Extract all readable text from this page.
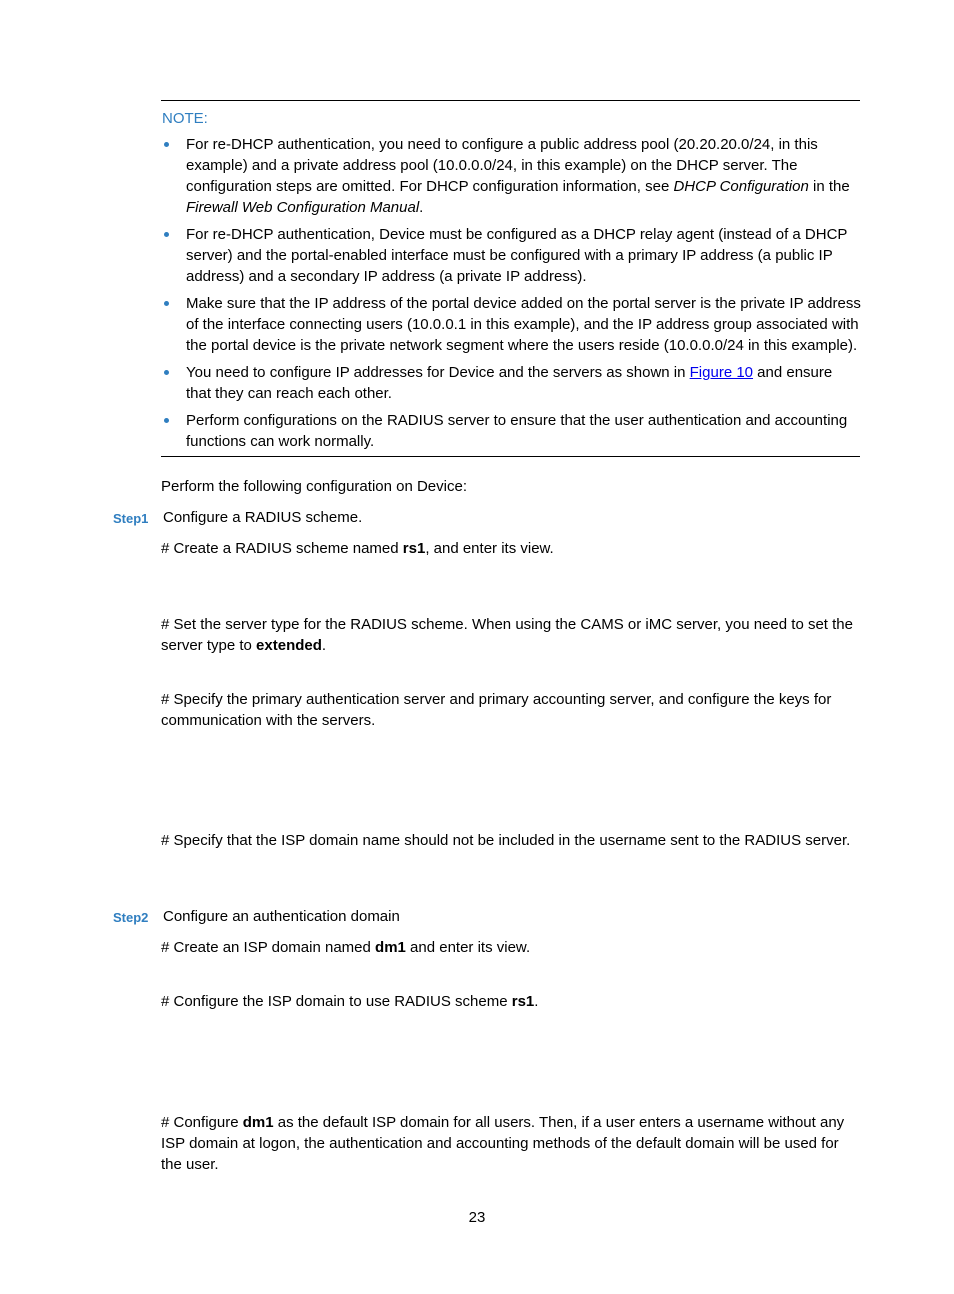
NOTE:
For re-DHCP authentication, you need to configure a public address pool (20.20.20.0/24, in this example) and a private address pool (10.0.0.0/24, in this example) on the DHCP server. The configuration steps are omitted. For DHCP configuration information, see DHCP Configuration in the Firewall Web Configuration Manual.
For re-DHCP authentication, Device must be configured as a DHCP relay agent (instead of a DHCP server) and the portal-enabled interface must be configured with a primary IP address (a public IP address) and a secondary IP address (a private IP address).
Make sure that the IP address of the portal device added on the portal server is the private IP address of the interface connecting users (10.0.0.1 in this example), and the IP address group associated with the portal device is the private network segment where the users reside (10.0.0.0/24 in this example).
You need to configure IP addresses for Device and the servers as shown in Figure 10 and ensure that they can reach each other.
Perform configurations on the RADIUS server to ensure that the user authentication and accounting functions can work normally.
Perform the following configuration on Device:
Step1 Configure a RADIUS scheme.
# Create a RADIUS scheme named rs1, and enter its view.
# Set the server type for the RADIUS scheme. When using the CAMS or iMC server, you need to set the server type to extended.
# Specify the primary authentication server and primary accounting server, and configure the keys for communication with the servers.
# Specify that the ISP domain name should not be included in the username sent to the RADIUS server.
Step2 Configure an authentication domain
# Create an ISP domain named dm1 and enter its view.
# Configure the ISP domain to use RADIUS scheme rs1.
# Configure dm1 as the default ISP domain for all users. Then, if a user enters a username without any ISP domain at logon, the authentication and accounting methods of the default domain will be used for the user.
23
